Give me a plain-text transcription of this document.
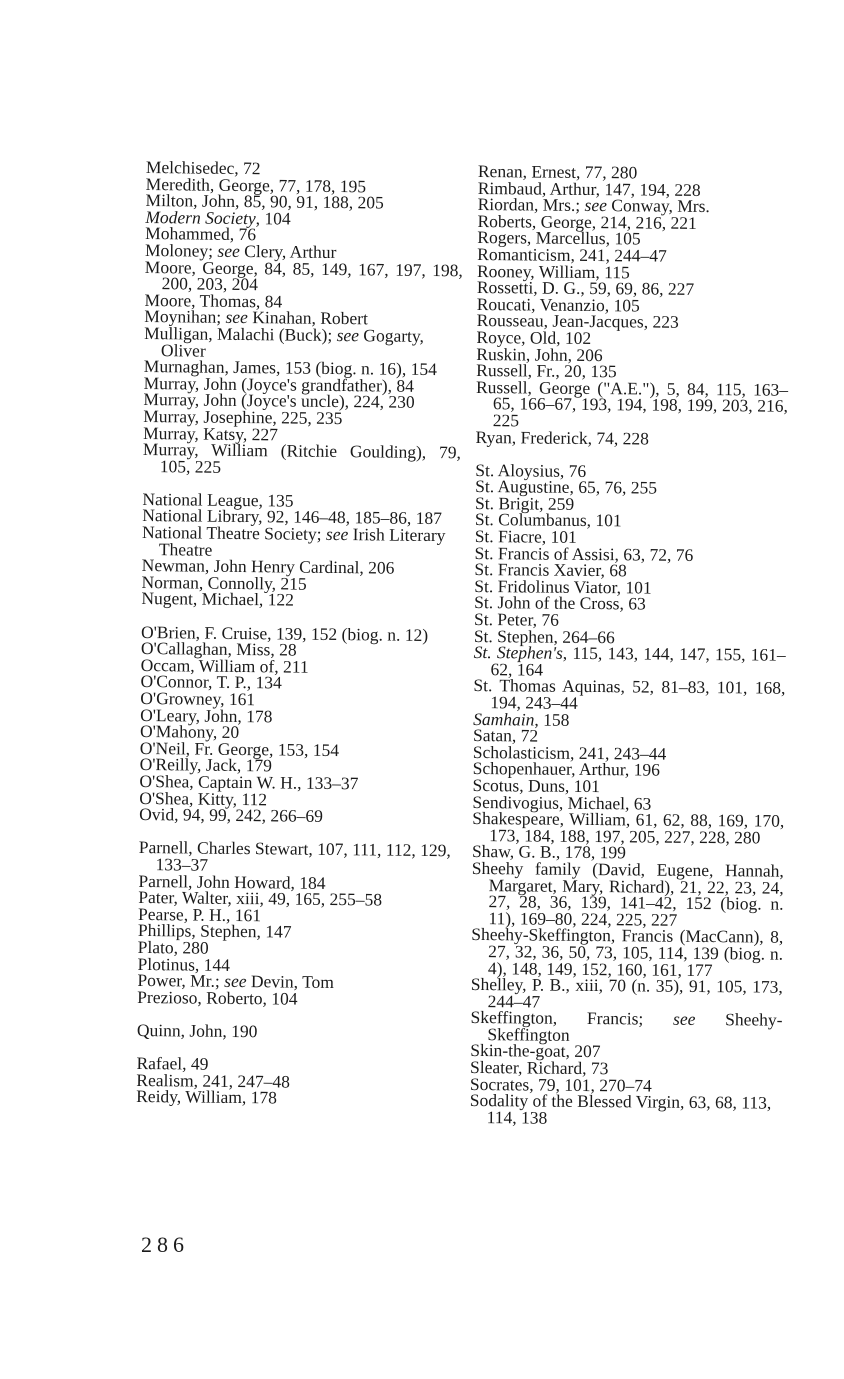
Melchisedec, 72
Meredith, George, 77, 178, 195
Milton, John, 85, 90, 91, 188, 205
Modern Society, 104
Mohammed, 76
Moloney; see Clery, Arthur
Moore, George, 84, 85, 149, 167, 197, 198, 200, 203, 204
Moore, Thomas, 84
Moynihan; see Kinahan, Robert
Mulligan, Malachi (Buck); see Gogarty, Oliver
Murnaghan, James, 153 (biog. n. 16), 154
Murray, John (Joyce's grandfather), 84
Murray, John (Joyce's uncle), 224, 230
Murray, Josephine, 225, 235
Murray, Katsy, 227
Murray, William (Ritchie Goulding), 79, 105, 225
National League, 135
National Library, 92, 146–48, 185–86, 187
National Theatre Society; see Irish Literary Theatre
Newman, John Henry Cardinal, 206
Norman, Connolly, 215
Nugent, Michael, 122
O'Brien, F. Cruise, 139, 152 (biog. n. 12)
O'Callaghan, Miss, 28
Occam, William of, 211
O'Connor, T. P., 134
O'Growney, 161
O'Leary, John, 178
O'Mahony, 20
O'Neil, Fr. George, 153, 154
O'Reilly, Jack, 179
O'Shea, Captain W. H., 133–37
O'Shea, Kitty, 112
Ovid, 94, 99, 242, 266–69
Parnell, Charles Stewart, 107, 111, 112, 129, 133–37
Parnell, John Howard, 184
Pater, Walter, xiii, 49, 165, 255–58
Pearse, P. H., 161
Phillips, Stephen, 147
Plato, 280
Plotinus, 144
Power, Mr.; see Devin, Tom
Prezioso, Roberto, 104
Quinn, John, 190
Rafael, 49
Realism, 241, 247–48
Reidy, William, 178
Renan, Ernest, 77, 280
Rimbaud, Arthur, 147, 194, 228
Riordan, Mrs.; see Conway, Mrs.
Roberts, George, 214, 216, 221
Rogers, Marcellus, 105
Romanticism, 241, 244–47
Rooney, William, 115
Rossetti, D. G., 59, 69, 86, 227
Roucati, Venanzio, 105
Rousseau, Jean-Jacques, 223
Royce, Old, 102
Ruskin, John, 206
Russell, Fr., 20, 135
Russell, George ("A.E."), 5, 84, 115, 163–65, 166–67, 193, 194, 198, 199, 203, 216, 225
Ryan, Frederick, 74, 228
St. Aloysius, 76
St. Augustine, 65, 76, 255
St. Brigit, 259
St. Columbanus, 101
St. Fiacre, 101
St. Francis of Assisi, 63, 72, 76
St. Francis Xavier, 68
St. Fridolinus Viator, 101
St. John of the Cross, 63
St. Peter, 76
St. Stephen, 264–66
St. Stephen's, 115, 143, 144, 147, 155, 161–62, 164
St. Thomas Aquinas, 52, 81–83, 101, 168, 194, 243–44
Samhain, 158
Satan, 72
Scholasticism, 241, 243–44
Schopenhauer, Arthur, 196
Scotus, Duns, 101
Sendivogius, Michael, 63
Shakespeare, William, 61, 62, 88, 169, 170, 173, 184, 188, 197, 205, 227, 228, 280
Shaw, G. B., 178, 199
Sheehy family (David, Eugene, Hannah, Margaret, Mary, Richard), 21, 22, 23, 24, 27, 28, 36, 139, 141–42, 152 (biog. n. 11), 169–80, 224, 225, 227
Sheehy-Skeffington, Francis (MacCann), 8, 27, 32, 36, 50, 73, 105, 114, 139 (biog. n. 4), 148, 149, 152, 160, 161, 177
Shelley, P. B., xiii, 70 (n. 35), 91, 105, 173, 244–47
Skeffington, Francis; see Sheehy-Skeffington
Skin-the-goat, 207
Sleater, Richard, 73
Socrates, 79, 101, 270–74
Sodality of the Blessed Virgin, 63, 68, 113, 114, 138
286
